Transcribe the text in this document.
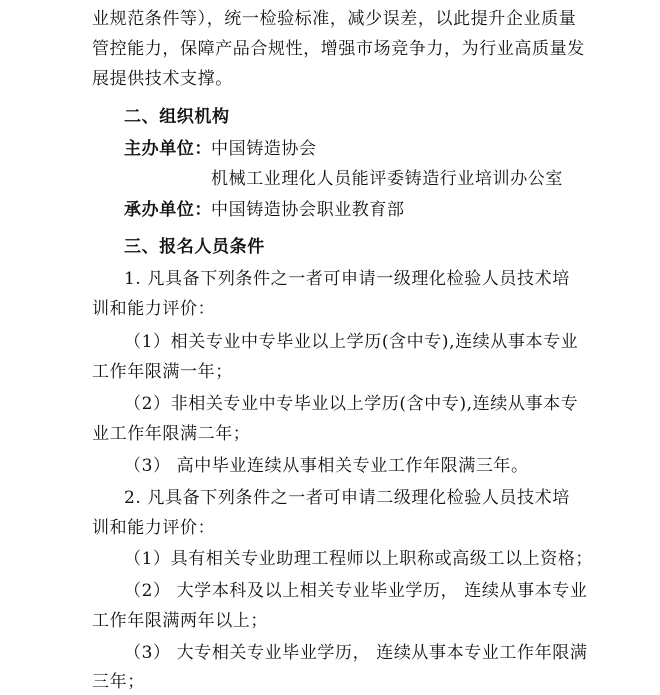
业规范条件等），统一检验标准，减少误差，以此提升企业质量
管控能力，保障产品合规性，增强市场竞争力，为行业高质量发
展提供技术支撑。
二、组织机构
主办单位： 中国铸造协会
机械工业理化人员能评委铸造行业培训办公室
承办单位： 中国铸造协会职业教育部
三、报名人员条件
1. 凡具备下列条件之一者可申请一级理化检验人员技术培
训和能力评价：
（1）相关专业中专毕业以上学历(含中专),连续从事本专业
工作年限满一年；
（2）非相关专业中专毕业以上学历(含中专),连续从事本专
业工作年限满二年；
（3） 高中毕业连续从事相关专业工作年限满三年。
2. 凡具备下列条件之一者可申请二级理化检验人员技术培
训和能力评价：
（1）具有相关专业助理工程师以上职称或高级工以上资格；
（2） 大学本科及以上相关专业毕业学历， 连续从事本专业
工作年限满两年以上；
（3） 大专相关专业毕业学历， 连续从事本专业工作年限满
三年；
